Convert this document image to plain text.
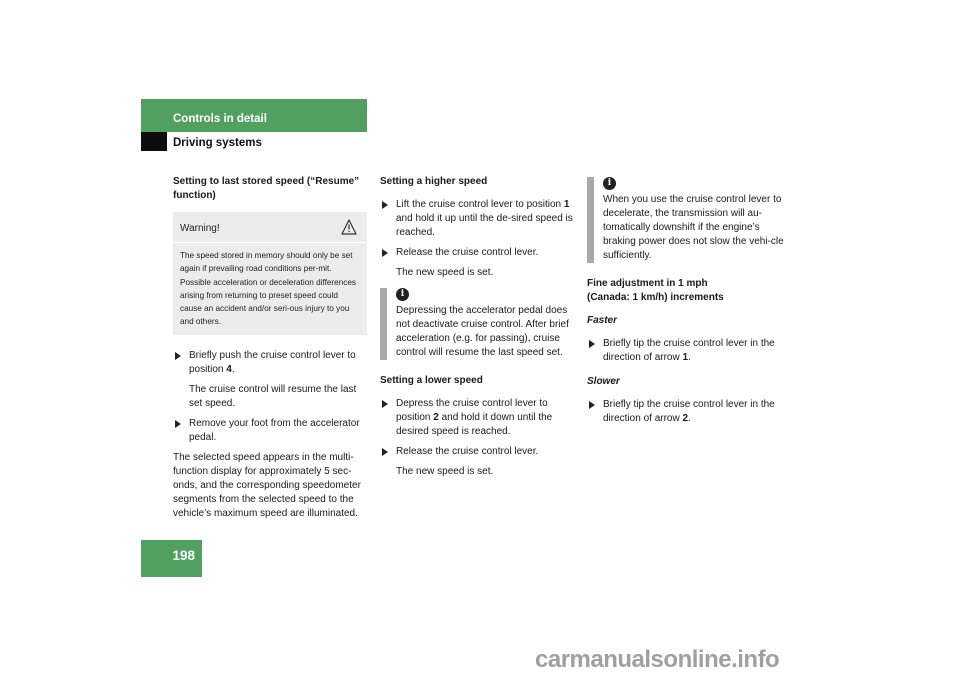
Controls in detail
Driving systems
Setting to last stored speed (“Resume” function)
Warning!
The speed stored in memory should only be set again if prevailing road conditions per-mit. Possible acceleration or deceleration differences arising from returning to preset speed could cause an accident and/or seri-ous injury to you and others.
Briefly push the cruise control lever to position 4.
The cruise control will resume the last set speed.
Remove your foot from the accelerator pedal.
The selected speed appears in the multi-function display for approximately 5 sec-onds, and the corresponding speedometer segments from the selected speed to the vehicle’s maximum speed are illuminated.
Setting a higher speed
Lift the cruise control lever to position 1 and hold it up until the de-sired speed is reached.
Release the cruise control lever.
The new speed is set.
i

Depressing the accelerator pedal does not deactivate cruise control. After brief acceleration (e.g. for passing), cruise control will resume the last speed set.

Setting a lower speed
Depress the cruise control lever to position 2 and hold it down until the desired speed is reached.
Release the cruise control lever.
The new speed is set.
i

When you use the cruise control lever to decelerate, the transmission will au-tomatically downshift if the engine’s braking power does not slow the vehi-cle sufficiently.

Fine adjustment in 1 mph
(Canada: 1 km/h) increments
Faster
Briefly tip the cruise control lever in the direction of arrow 1.
Slower
Briefly tip the cruise control lever in the direction of arrow 2.
198
carmanualsonline.info
